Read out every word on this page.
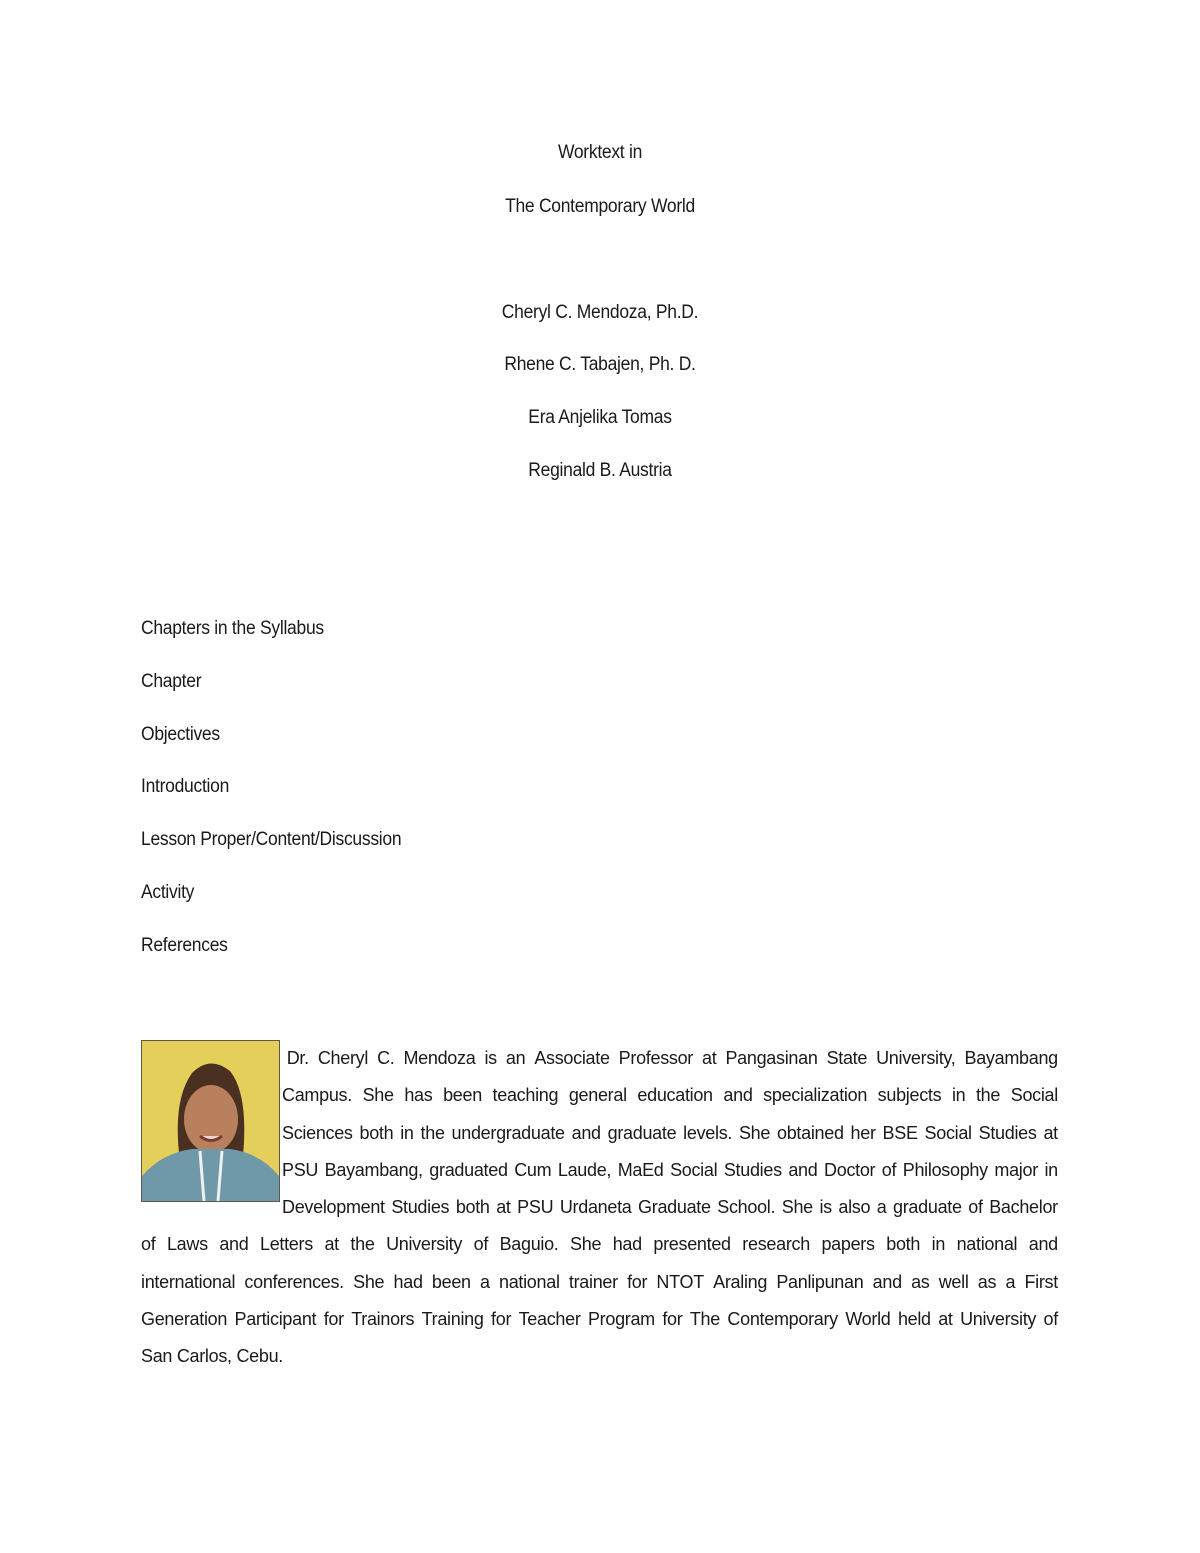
Worktext in
The Contemporary World
Cheryl C. Mendoza, Ph.D.
Rhene C. Tabajen, Ph. D.
Era Anjelika Tomas
Reginald B. Austria
Chapters in the Syllabus
Chapter
Objectives
Introduction
Lesson Proper/Content/Discussion
Activity
References
Dr. Cheryl C. Mendoza is an Associate Professor at Pangasinan State University, Bayambang
Campus. She has been teaching general education and specialization subjects in the Social
Sciences both in the undergraduate and graduate levels. She obtained her BSE Social Studies at
PSU Bayambang, graduated Cum Laude, MaEd Social Studies and Doctor of Philosophy major in
Development Studies both at PSU Urdaneta Graduate School. She is also a graduate of Bachelor
of Laws and Letters at the University of Baguio. She had presented research papers both in national and
international conferences. She had been a national trainer for NTOT Araling Panlipunan and as well as a First
Generation Participant for Trainors Training for Teacher Program for The Contemporary World held at University of
San Carlos, Cebu.
